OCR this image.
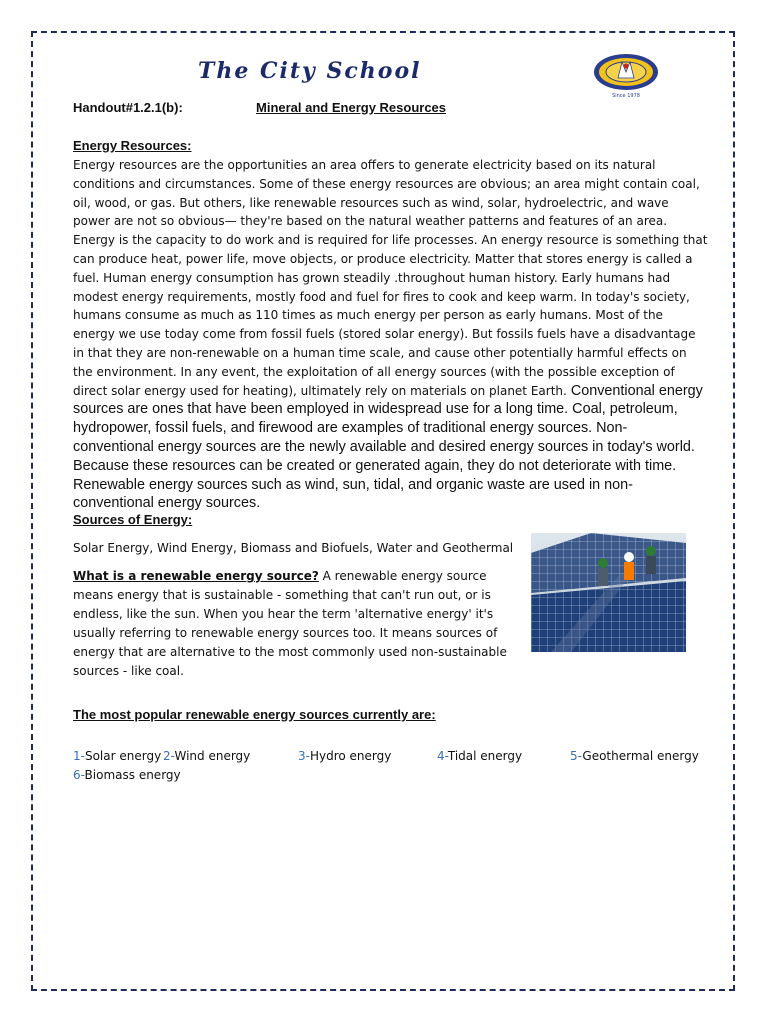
The City School
Since 1978
Handout#1.2.1(b):	Mineral and Energy Resources
Energy Resources:

Energy resources are the opportunities an area offers to generate electricity based on its natural conditions and circumstances. Some of these energy resources are obvious; an area might contain coal, oil, wood, or gas. But others, like renewable resources such as wind, solar, hydroelectric, and wave power are not so obvious— they're based on the natural weather patterns and features of an area. Energy is the capacity to do work and is required for life processes. An energy resource is something that can produce heat, power life, move objects, or produce electricity. Matter that stores energy is called a fuel. Human energy consumption has grown steadily .throughout human history. Early humans had modest energy requirements, mostly food and fuel for fires to cook and keep warm. In today's society, humans consume as much as 110 times as much energy per person as early humans. Most of the energy we use today come from fossil fuels (stored solar energy). But fossils fuels have a disadvantage in that they are non-renewable on a human time scale, and cause other potentially harmful effects on the environment. In any event, the exploitation of all energy sources (with the possible exception of direct solar energy used for heating), ultimately rely on materials on planet Earth. Conventional energy sources are ones that have been employed in widespread use for a long time. Coal, petroleum, hydropower, fossil fuels, and firewood are examples of traditional energy sources. Non-conventional energy sources are the newly available and desired energy sources in today's world. Because these resources can be created or generated again, they do not deteriorate with time. Renewable energy sources such as wind, sun, tidal, and organic waste are used in non-conventional energy sources.

Sources of Energy:
Solar Energy, Wind Energy, Biomass and Biofuels, Water and Geothermal

What is a renewable energy source? A renewable energy source means energy that is sustainable - something that can't run out, or is endless, like the sun. When you hear the term 'alternative energy' it's usually referring to renewable energy sources too. It means sources of energy that are alternative to the most commonly used non-sustainable sources - like coal.

The most popular renewable energy sources currently are:
1-Solar energy 2-Wind energy	3-Hydro energy	4-Tidal energy	5-Geothermal energy
6-Biomass energy
